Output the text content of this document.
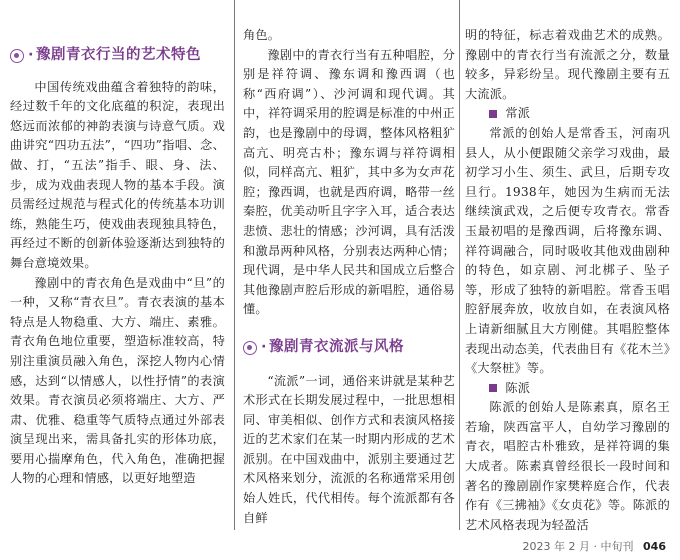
· 豫剧青衣行当的艺术特色

中国传统戏曲蕴含着独特的韵味，经过数千年的文化底蕴的积淀，表现出悠远而浓郁的神韵表演与诗意气质。戏曲讲究“四功五法”，“四功”指唱、念、做、打，“五法”指手、眼、身、法、步，成为戏曲表现人物的基本手段。演员需经过规范与程式化的传统基本功训练，熟能生巧，使戏曲表现独具特色，再经过不断的创新体验逐渐达到独特的舞台意境效果。

豫剧中的青衣角色是戏曲中“旦”的一种，又称“青衣旦”。青衣表演的基本特点是人物稳重、大方、端庄、素雅。青衣角色地位重要，塑造标准较高，特别注重演员融入角色，深挖人物内心情感，达到“以情感人，以性抒情”的表演效果。青衣演员必须将端庄、大方、严肃、优雅、稳重等气质特点通过外部表演呈现出来，需具备扎实的形体功底，要用心揣摩角色，代入角色，准确把握人物的心理和情感，以更好地塑造

角色。

豫剧中的青衣行当有五种唱腔，分别是祥符调、豫东调和豫西调（也称“西府调”）、沙河调和现代调。其中，祥符调采用的腔调是标准的中州正韵，也是豫剧中的母调，整体风格粗犷高亢、明亮古朴；豫东调与祥符调相似，同样高亢、粗犷，其中多为女声花腔；豫西调，也就是西府调，略带一丝秦腔，优美动听且字字入耳，适合表达悲愤、悲壮的情感；沙河调，具有活泼和激昂两种风格，分别表达两种心情；现代调，是中华人民共和国成立后整合其他豫剧声腔后形成的新唱腔，通俗易懂。

· 豫剧青衣流派与风格

“流派”一词，通俗来讲就是某种艺术形式在长期发展过程中，一批思想相同、审美相似、创作方式和表演风格接近的艺术家们在某一时期内形成的艺术派别。在中国戏曲中，派别主要通过艺术风格来划分，流派的名称通常采用创始人姓氏，代代相传。每个流派都有各自鲜

明的特征，标志着戏曲艺术的成熟。豫剧中的青衣行当有流派之分，数量较多，异彩纷呈。现代豫剧主要有五大流派。

常派

常派的创始人是常香玉，河南巩县人，从小便跟随父亲学习戏曲，最初学习小生、须生、武旦，后期专攻旦行。1938年，她因为生病而无法继续演武戏，之后便专攻青衣。常香玉最初唱的是豫西调，后将豫东调、祥符调融合，同时吸收其他戏曲剧种的特色，如京剧、河北梆子、坠子等，形成了独特的新唱腔。常香玉唱腔舒展奔放，收放自如，在表演风格上请新细腻且大方刚健。其唱腔整体表现出动态美，代表曲目有《花木兰》《大祭桩》等。

陈派

陈派的创始人是陈素真，原名王若瑜，陕西富平人，自幼学习豫剧的青衣，唱腔古朴雅致，是祥符调的集大成者。陈素真曾经很长一段时间和著名的豫剧剧作家樊粹庭合作，代表作有《三拂袖》《女贞花》等。陈派的艺术风格表现为轻盈活

2023 年 2 月 · 中旬刊 046
